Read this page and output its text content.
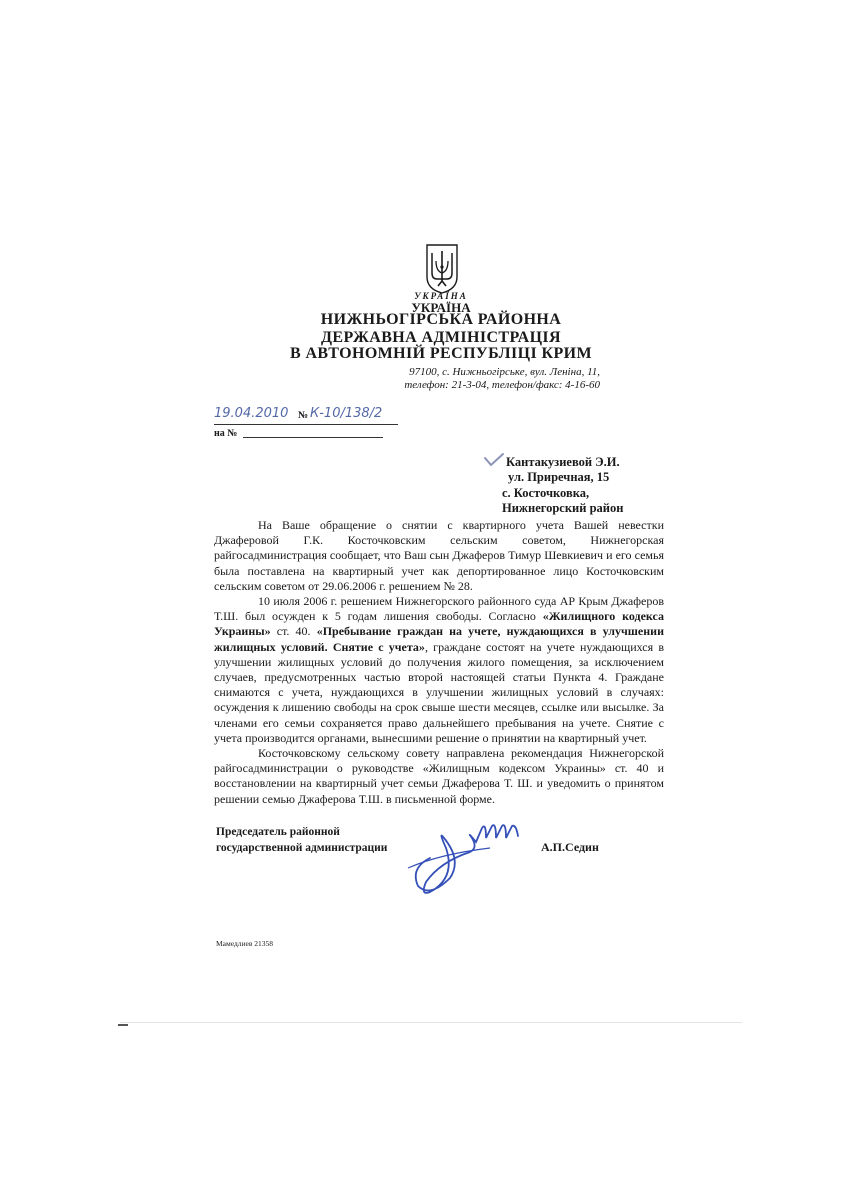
УКРАЇНА
УКРАЇНА
НИЖНЬОГІРСЬКА РАЙОННА
ДЕРЖАВНА АДМІНІСТРАЦІЯ
В АВТОНОМНІЙ РЕСПУБЛІЦІ КРИМ
97100, с. Нижньогірське, вул. Леніна, 11,
телефон: 21-3-04, телефон/факс: 4-16-60
19.04.2010 № К-10/138/2
на №
Кантакузиевой Э.И.
ул. Приречная, 15
с. Косточковка,
Нижнегорский район

На Ваше обращение о снятии с квартирного учета Вашей невестки Джаферовой Г.К. Косточковским сельским советом, Нижнегорская райгосадминистрация сообщает, что Ваш сын Джаферов Тимур Шевкиевич и его семья была поставлена на квартирный учет как депортированное лицо Косточковским сельским советом от 29.06.2006 г. решением № 28.

10 июля 2006 г. решением Нижнегорского районного суда АР Крым Джаферов Т.Ш. был осужден к 5 годам лишения свободы. Согласно «Жилищного кодекса Украины» ст. 40. «Пребывание граждан на учете, нуждающихся в улучшении жилищных условий. Снятие с учета», граждане состоят на учете нуждающихся в улучшении жилищных условий до получения жилого помещения, за исключением случаев, предусмотренных частью второй настоящей статьи Пункта 4. Граждане снимаются с учета, нуждающихся в улучшении жилищных условий в случаях: осуждения к лишению свободы на срок свыше шести месяцев, ссылке или высылке. За членами его семьи сохраняется право дальнейшего пребывания на учете. Снятие с учета производится органами, вынесшими решение о принятии на квартирный учет.

Косточковскому сельскому совету направлена рекомендация Нижнегорской райгосадминистрации о руководстве «Жилищным кодексом Украины» ст. 40 и восстановлении на квартирный учет семьи Джаферова Т. Ш. и уведомить о принятом решении семью Джаферова Т.Ш. в письменной форме.

Председатель районной
государственной администрации	А.П.Седин
Мамедлиев 21358
